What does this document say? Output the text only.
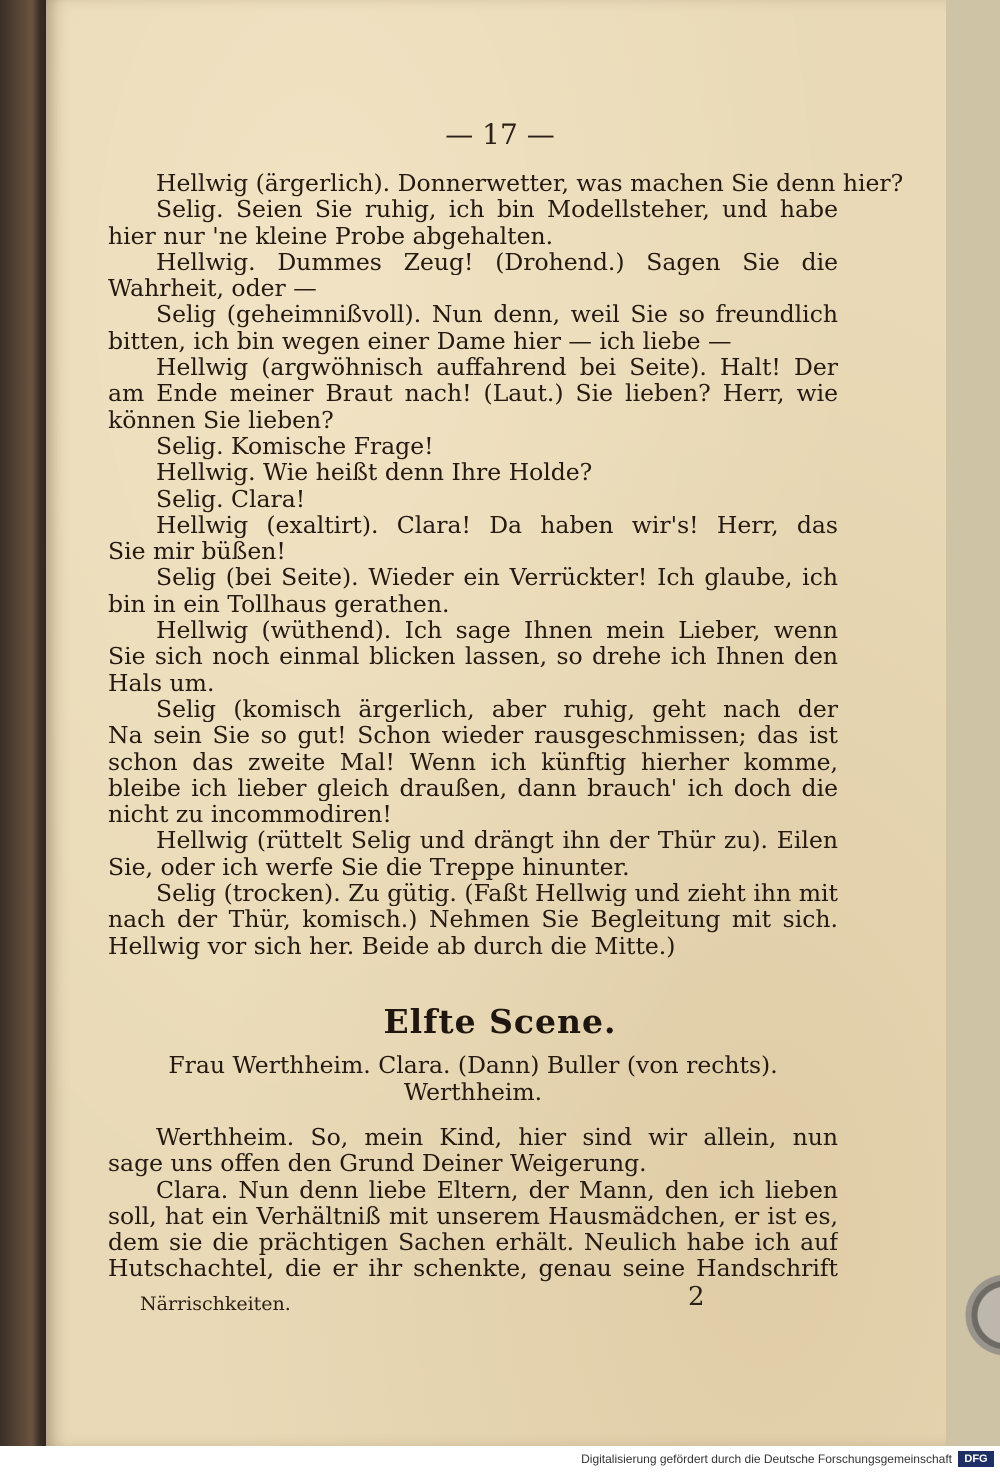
— 17 —
Hellwig (ärgerlich). Donnerwetter, was machen Sie denn hier?
Selig. Seien Sie ruhig, ich bin Modellsteher, und habe
hier nur 'ne kleine Probe abgehalten.
Hellwig. Dummes Zeug! (Drohend.) Sagen Sie die
Wahrheit, oder —
Selig (geheimnißvoll). Nun denn, weil Sie so freundlich
bitten, ich bin wegen einer Dame hier — ich liebe —
Hellwig (argwöhnisch auffahrend bei Seite). Halt! Der
am Ende meiner Braut nach! (Laut.) Sie lieben? Herr, wie
können Sie lieben?
Selig. Komische Frage!
Hellwig. Wie heißt denn Ihre Holde?
Selig. Clara!
Hellwig (exaltirt). Clara! Da haben wir's! Herr, das
Sie mir büßen!
Selig (bei Seite). Wieder ein Verrückter! Ich glaube, ich
bin in ein Tollhaus gerathen.
Hellwig (wüthend). Ich sage Ihnen mein Lieber, wenn
Sie sich noch einmal blicken lassen, so drehe ich Ihnen den
Hals um.
Selig (komisch ärgerlich, aber ruhig, geht nach der
Na sein Sie so gut! Schon wieder rausgeschmissen; das ist
schon das zweite Mal! Wenn ich künftig hierher komme,
bleibe ich lieber gleich draußen, dann brauch' ich doch die
nicht zu incommodiren!
Hellwig (rüttelt Selig und drängt ihn der Thür zu). Eilen
Sie, oder ich werfe Sie die Treppe hinunter.
Selig (trocken). Zu gütig. (Faßt Hellwig und zieht ihn mit
nach der Thür, komisch.) Nehmen Sie Begleitung mit sich.
Hellwig vor sich her. Beide ab durch die Mitte.)
Elfte Scene.
Frau Werthheim. Clara. (Dann) Buller (von rechts).
Werthheim.
Werthheim. So, mein Kind, hier sind wir allein, nun
sage uns offen den Grund Deiner Weigerung.
Clara. Nun denn liebe Eltern, der Mann, den ich lieben
soll, hat ein Verhältniß mit unserem Hausmädchen, er ist es,
dem sie die prächtigen Sachen erhält. Neulich habe ich auf
Hutschachtel, die er ihr schenkte, genau seine Handschrift
Närrischkeiten.	2
Digitalisierung gefördert durch die Deutsche Forschungsgemeinschaft	DFG
